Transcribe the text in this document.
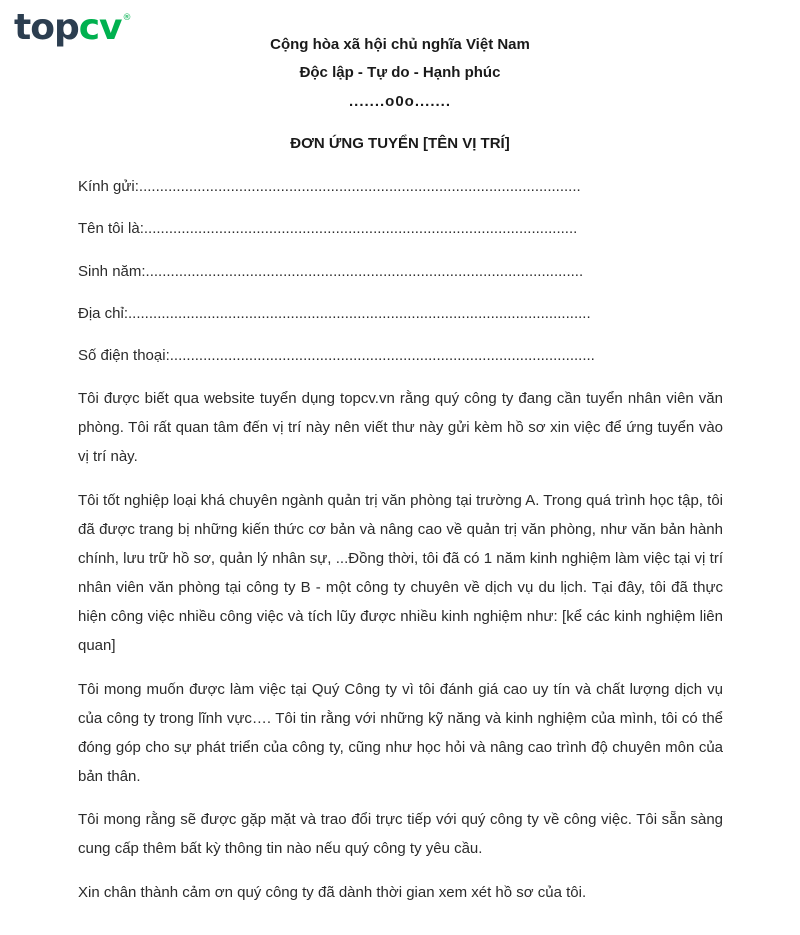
topcv®
Cộng hòa xã hội chủ nghĩa Việt Nam
Độc lập - Tự do - Hạnh phúc
.......o0o.......
ĐƠN ỨNG TUYỂN [TÊN VỊ TRÍ]
Kính gửi:..........................................................................................................
Tên tôi là:........................................................................................................
Sinh năm:.........................................................................................................
Địa chỉ:...............................................................................................................
Số điện thoại:......................................................................................................

Tôi được biết qua website tuyển dụng topcv.vn rằng quý công ty đang cần tuyển nhân viên văn phòng. Tôi rất quan tâm đến vị trí này nên viết thư này gửi kèm hồ sơ xin việc để ứng tuyển vào vị trí này.

Tôi tốt nghiệp loại khá chuyên ngành quản trị văn phòng tại trường A. Trong quá trình học tập, tôi đã được trang bị những kiến thức cơ bản và nâng cao về quản trị văn phòng, như văn bản hành chính, lưu trữ hồ sơ, quản lý nhân sự, ...Đồng thời, tôi đã có 1 năm kinh nghiệm làm việc tại vị trí nhân viên văn phòng tại công ty B - một công ty chuyên về dịch vụ du lịch. Tại đây, tôi đã thực hiện công việc nhiều công việc và tích lũy được nhiều kinh nghiệm như: [kể các kinh nghiệm liên quan]

Tôi mong muốn được làm việc tại Quý Công ty vì tôi đánh giá cao uy tín và chất lượng dịch vụ của công ty trong lĩnh vực…. Tôi tin rằng với những kỹ năng và kinh nghiệm của mình, tôi có thể đóng góp cho sự phát triển của công ty, cũng như học hỏi và nâng cao trình độ chuyên môn của bản thân.

Tôi mong rằng sẽ được gặp mặt và trao đổi trực tiếp với quý công ty về công việc. Tôi sẵn sàng cung cấp thêm bất kỳ thông tin nào nếu quý công ty yêu cầu.

Xin chân thành cảm ơn quý công ty đã dành thời gian xem xét hồ sơ của tôi.
